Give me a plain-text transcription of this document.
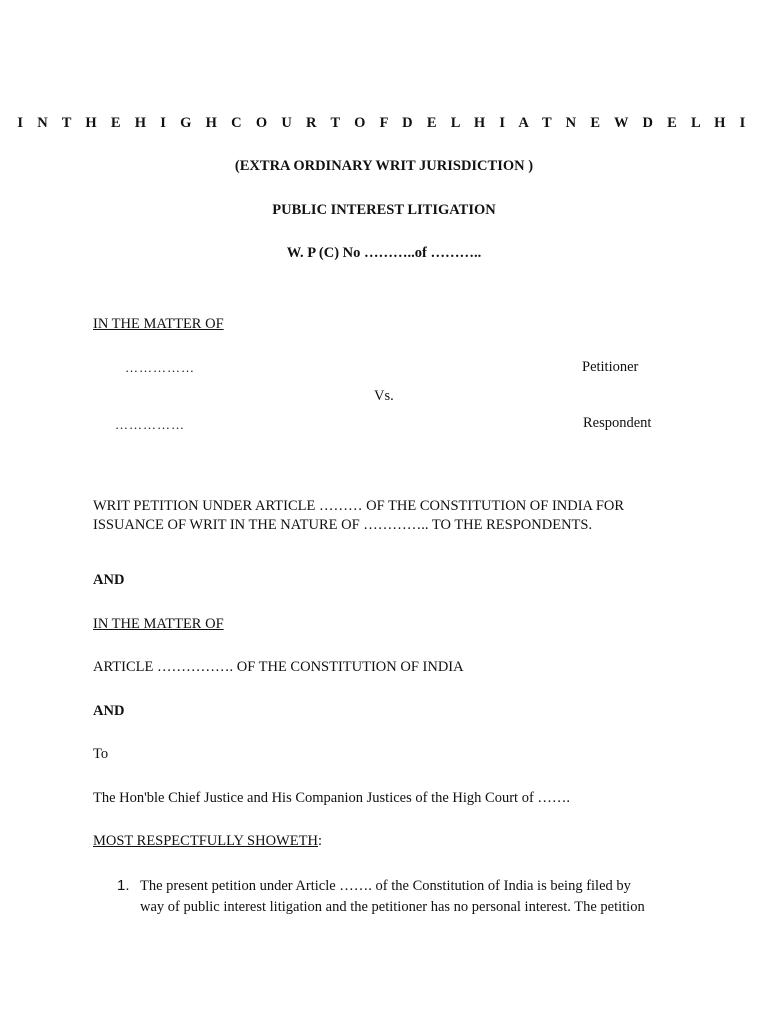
I N T H E H I G H C O U R T O F D E L H I A T N E W D E L H I
(EXTRA ORDINARY WRIT JURISDICTION )
PUBLIC INTEREST LITIGATION
W. P (C) No ………..of ………..
IN THE MATTER OF
……………	Petitioner
Vs.
……………	Respondent
WRIT PETITION UNDER ARTICLE ……… OF THE CONSTITUTION OF INDIA FOR
ISSUANCE OF WRIT IN THE NATURE OF ………….. TO THE RESPONDENTS.
AND
IN THE MATTER OF
ARTICLE ……………. OF THE CONSTITUTION OF INDIA
AND
To
The Hon'ble Chief Justice and His Companion Justices of the High Court of …….
MOST RESPECTFULLY SHOWETH:
1. The present petition under Article ……. of the Constitution of India is being filed by
way of public interest litigation and the petitioner has no personal interest. The petition
